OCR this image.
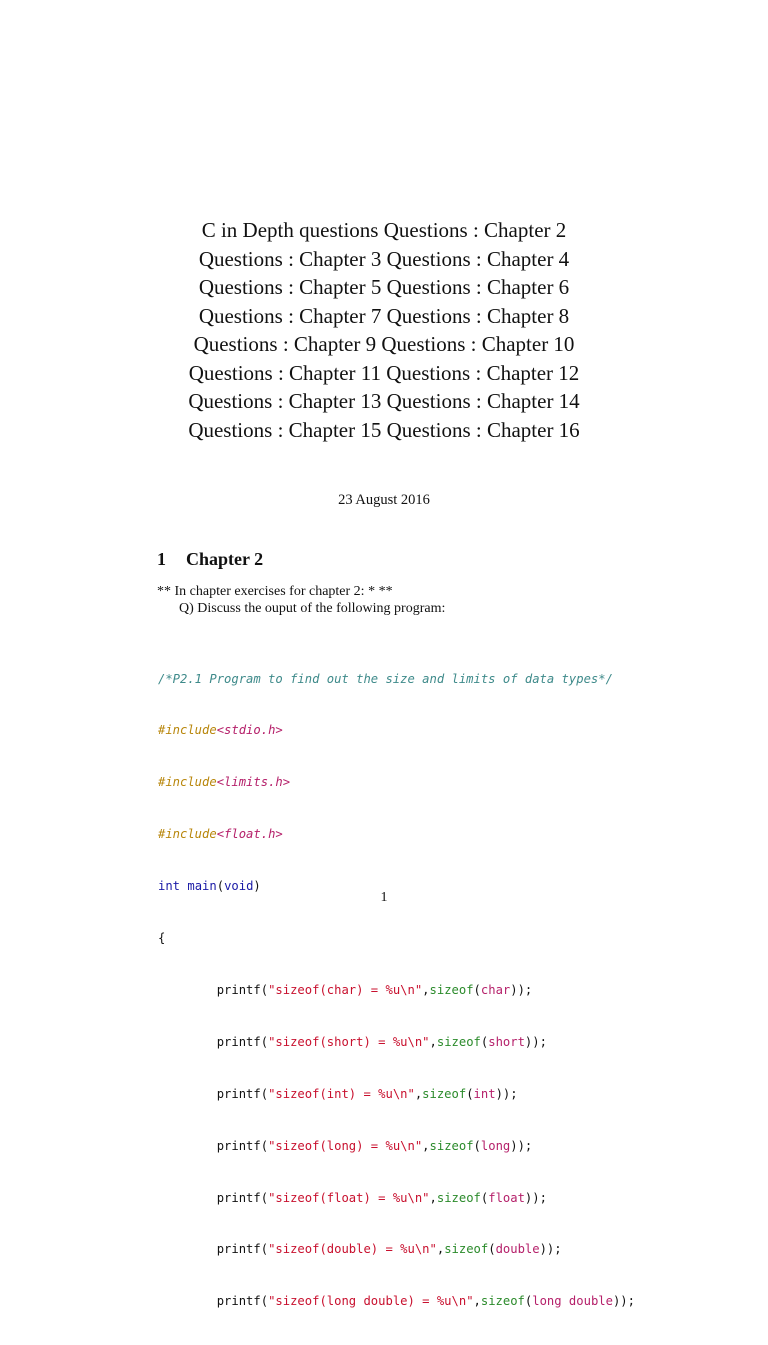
C in Depth questions Questions : Chapter 2
Questions : Chapter 3 Questions : Chapter 4
Questions : Chapter 5 Questions : Chapter 6
Questions : Chapter 7 Questions : Chapter 8
Questions : Chapter 9 Questions : Chapter 10
Questions : Chapter 11 Questions : Chapter 12
Questions : Chapter 13 Questions : Chapter 14
Questions : Chapter 15 Questions : Chapter 16
23 August 2016
1 Chapter 2
** In chapter exercises for chapter 2: * **
Q) Discuss the ouput of the following program:

/*P2.1 Program to find out the size and limits of data types*/

#include<stdio.h>

#include<limits.h>

#include<float.h>

int main(void)

{

printf("sizeof(char) = %u\n",sizeof(char));

printf("sizeof(short) = %u\n",sizeof(short));

printf("sizeof(int) = %u\n",sizeof(int));

printf("sizeof(long) = %u\n",sizeof(long));

printf("sizeof(float) = %u\n",sizeof(float));

printf("sizeof(double) = %u\n",sizeof(double));

printf("sizeof(long double) = %u\n",sizeof(long double));

1
